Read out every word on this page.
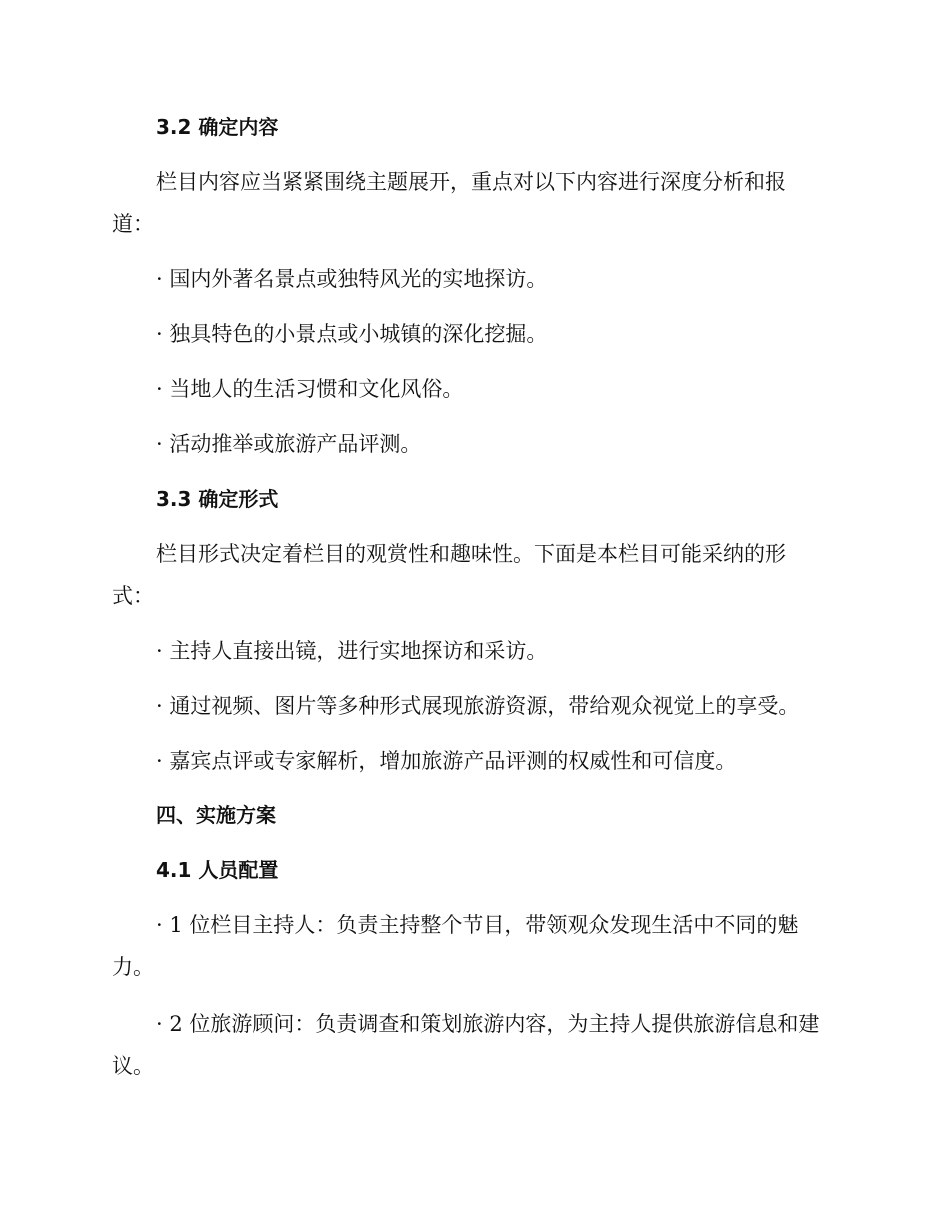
3.2 确定内容
栏目内容应当紧紧围绕主题展开，重点对以下内容进行深度分析和报
道：
· 国内外著名景点或独特风光的实地探访。
· 独具特色的小景点或小城镇的深化挖掘。
· 当地人的生活习惯和文化风俗。
· 活动推举或旅游产品评测。
3.3 确定形式
栏目形式决定着栏目的观赏性和趣味性。下面是本栏目可能采纳的形
式：
· 主持人直接出镜，进行实地探访和采访。
· 通过视频、图片等多种形式展现旅游资源，带给观众视觉上的享受。
· 嘉宾点评或专家解析，增加旅游产品评测的权威性和可信度。
四、实施方案
4.1 人员配置
· 1 位栏目主持人：负责主持整个节目，带领观众发现生活中不同的魅
力。
· 2 位旅游顾问：负责调查和策划旅游内容，为主持人提供旅游信息和建
议。
